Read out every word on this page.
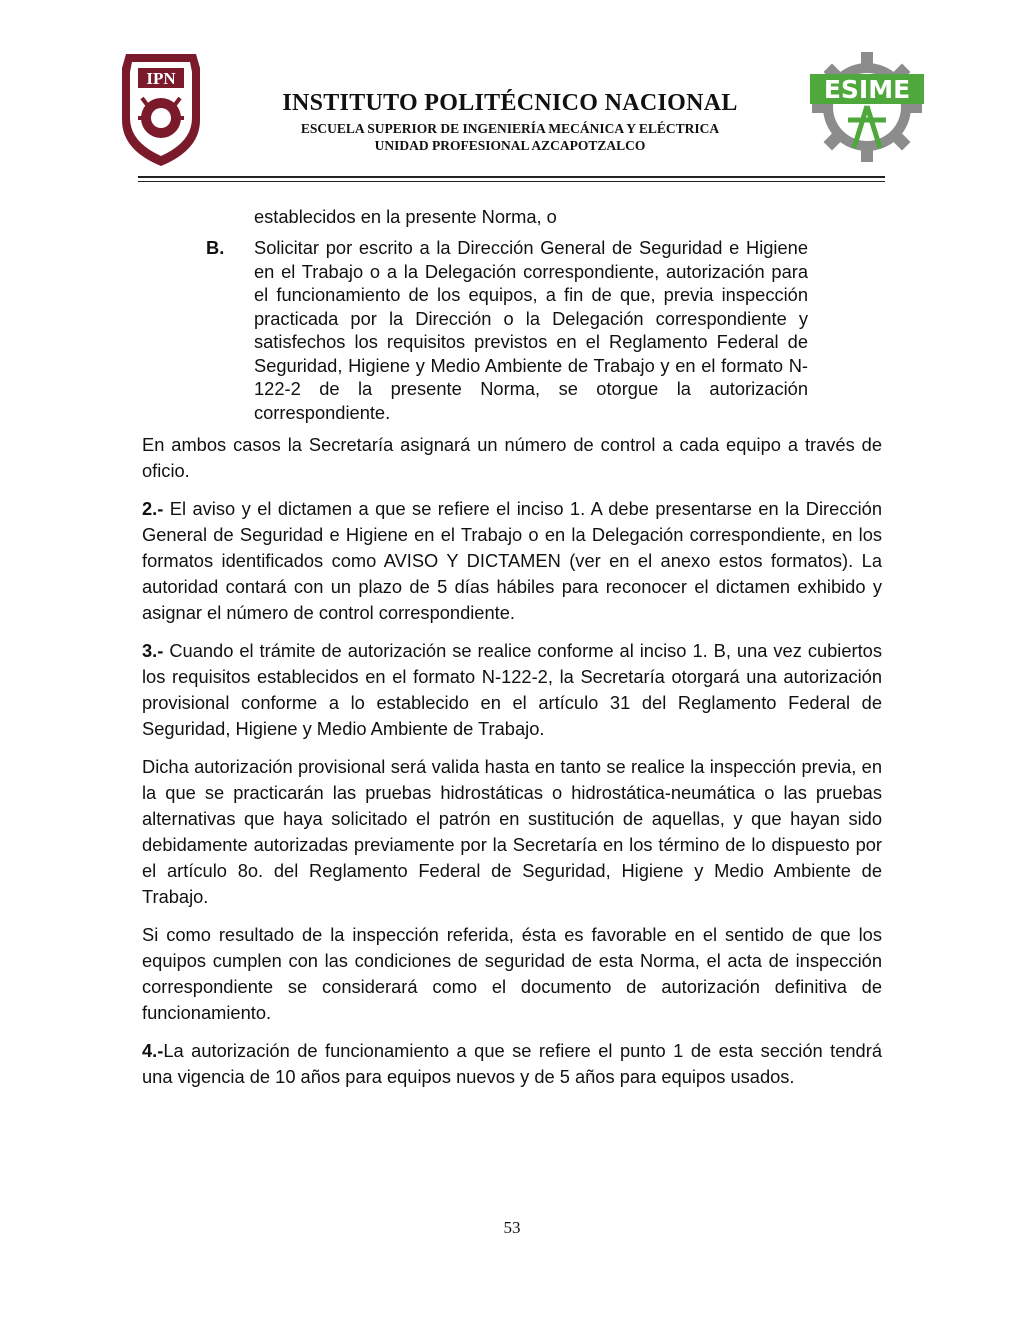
IPN	ESIME
INSTITUTO POLITÉCNICO NACIONAL
ESCUELA SUPERIOR DE INGENIERÍA MECÁNICA Y ELÉCTRICA
UNIDAD PROFESIONAL AZCAPOTZALCO
establecidos en la presente Norma, o
B.	Solicitar por escrito a la Dirección General de Seguridad e Higiene en el Trabajo o a la Delegación correspondiente, autorización para el funcionamiento de los equipos, a fin de que, previa inspección practicada por la Dirección o la Delegación correspondiente y satisfechos los requisitos previstos en el Reglamento Federal de Seguridad, Higiene y Medio Ambiente de Trabajo y en el formato N-122-2 de la presente Norma, se otorgue la autorización correspondiente.

En ambos casos la Secretaría asignará un número de control a cada equipo a través de oficio.

2.- El aviso y el dictamen a que se refiere el inciso 1. A debe presentarse en la Dirección General de Seguridad e Higiene en el Trabajo o en la Delegación correspondiente, en los formatos identificados como AVISO Y DICTAMEN (ver en el anexo estos formatos). La autoridad contará con un plazo de 5 días hábiles para reconocer el dictamen exhibido y asignar el número de control correspondiente.

3.- Cuando el trámite de autorización se realice conforme al inciso 1. B, una vez cubiertos los requisitos establecidos en el formato N-122-2, la Secretaría otorgará una autorización provisional conforme a lo establecido en el artículo 31 del Reglamento Federal de Seguridad, Higiene y Medio Ambiente de Trabajo.

Dicha autorización provisional será valida hasta en tanto se realice la inspección previa, en la que se practicarán las pruebas hidrostáticas o hidrostática-neumática o las pruebas alternativas que haya solicitado el patrón en sustitución de aquellas, y que hayan sido debidamente autorizadas previamente por la Secretaría en los término de lo dispuesto por el artículo 8o. del Reglamento Federal de Seguridad, Higiene y Medio Ambiente de Trabajo.

Si como resultado de la inspección referida, ésta es favorable en el sentido de que los equipos cumplen con las condiciones de seguridad de esta Norma, el acta de inspección correspondiente se considerará como el documento de autorización definitiva de funcionamiento.

4.-La autorización de funcionamiento a que se refiere el punto 1 de esta sección tendrá una vigencia de 10 años para equipos nuevos y de 5 años para equipos usados.

53
